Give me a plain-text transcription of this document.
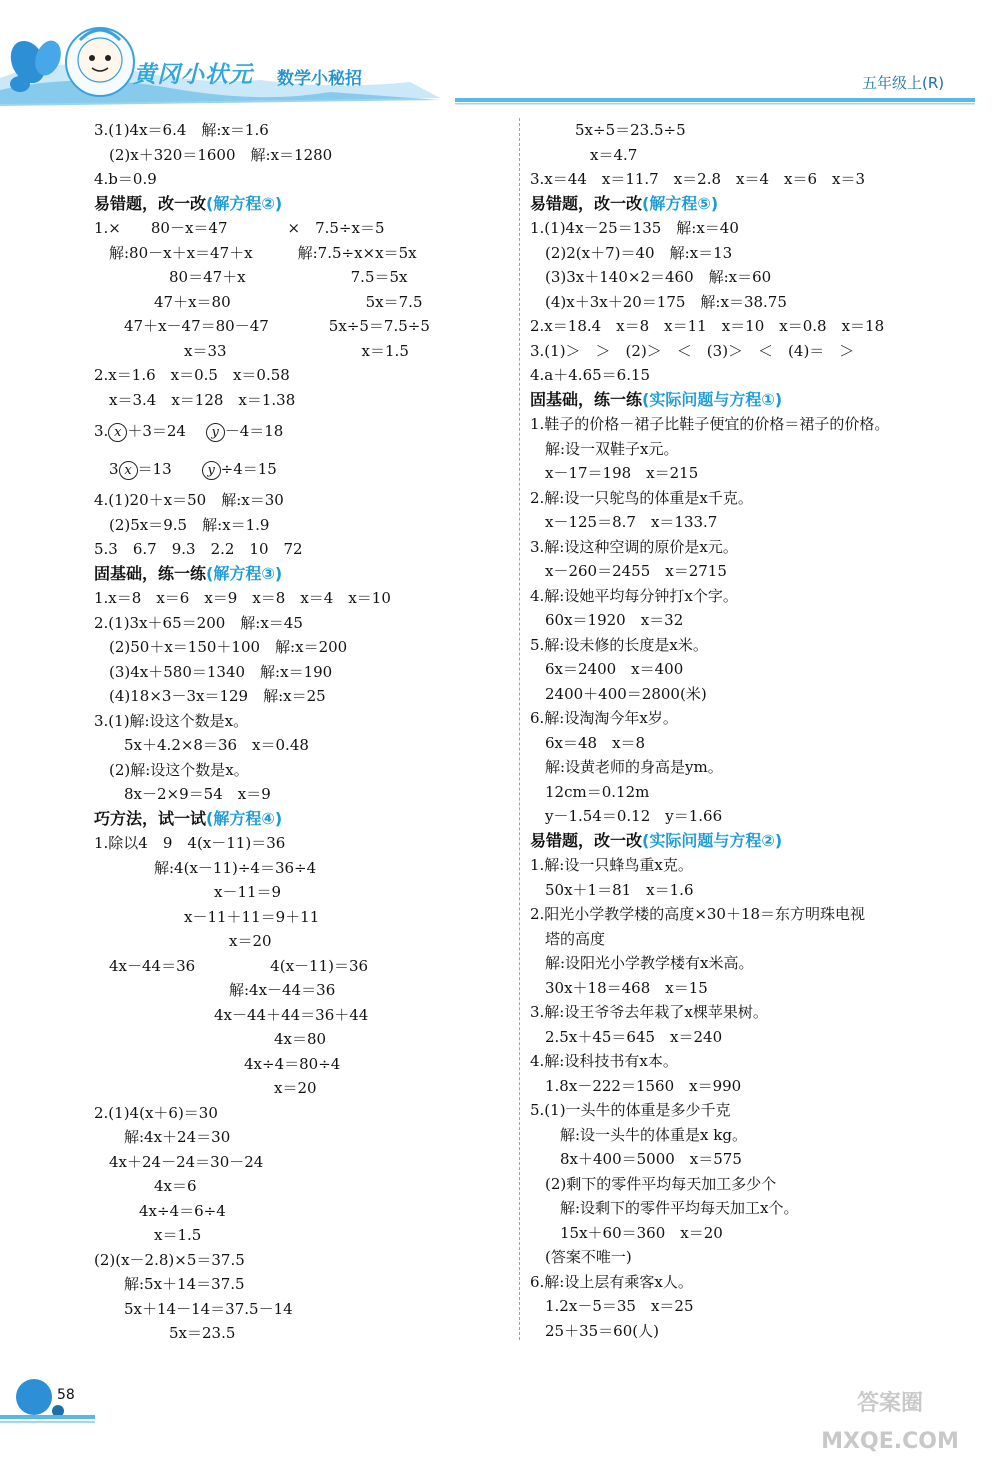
黄冈小状元 数学小秘招	五年级上(R)
3.(1)4x＝6.4　解:x＝1.6
　(2)x＋320＝1600　解:x＝1280
4.b＝0.9
易错题，改一改(解方程②)
1.×　　80－x＝47　　　　×　7.5÷x＝5
　解:80－x＋x＝47＋x　　　解:7.5÷x×x＝5x
　　　　　80＝47＋x　　　　　　　7.5＝5x
　　　　47＋x＝80　　　　　　　　　5x＝7.5
　　47＋x－47＝80－47　　　　5x÷5＝7.5÷5
　　　　　　x＝33　　　　　　　　　x＝1.5
2.x＝1.6　x＝0.5　x＝0.58
　x＝3.4　x＝128　x＝1.38
3. x ＋3＝24　 y －4＝18
　3 x ＝13　　y ÷4＝15
4.(1)20＋x＝50　解:x＝30
　(2)5x＝9.5　解:x＝1.9
5.3　6.7　9.3　2.2　10　72
固基础，练一练(解方程③)
1.x＝8　x＝6　x＝9　x＝8　x＝4　x＝10
2.(1)3x＋65＝200　解:x＝45
　(2)50＋x＝150＋100　解:x＝200
　(3)4x＋580＝1340　解:x＝190
　(4)18×3－3x＝129　解:x＝25
3.(1)解:设这个数是x。
　　5x＋4.2×8＝36　x＝0.48
　(2)解:设这个数是x。
　　8x－2×9＝54　x＝9
巧方法，试一试(解方程④)
1.除以4　9　4(x－11)＝36
　　　　解:4(x－11)÷4＝36÷4
　　　　　　　　x－11＝9
　　　　　　x－11＋11＝9＋11
　　　　　　　　　x＝20
　4x－44＝36　　　　　4(x－11)＝36
　　　　　　　　　解:4x－44＝36
　　　　　　　　4x－44＋44＝36＋44
　　　　　　　　　　　　4x＝80
　　　　　　　　　　4x÷4＝80÷4
　　　　　　　　　　　　x＝20
2.(1)4(x＋6)＝30
　　解:4x＋24＝30
　4x＋24－24＝30－24
　　　　4x＝6
　　　4x÷4＝6÷4
　　　　x＝1.5
(2)(x－2.8)×5＝37.5
　　解:5x＋14＝37.5
　　5x＋14－14＝37.5－14
　　　　　5x＝23.5
　　　5x÷5＝23.5÷5
　　　　x＝4.7
3.x＝44　x＝11.7　x＝2.8　x＝4　x＝6　x＝3
易错题，改一改(解方程⑤)
1.(1)4x－25＝135　解:x＝40
　(2)2(x＋7)＝40　解:x＝13
　(3)3x＋140×2＝460　解:x＝60
　(4)x＋3x＋20＝175　解:x＝38.75
2.x＝18.4　x＝8　x＝11　x＝10　x＝0.8　x＝18
3.(1)＞　＞　(2)＞　＜　(3)＞　＜　(4)＝　＞
4.a＋4.65＝6.15
固基础，练一练(实际问题与方程①)
1.鞋子的价格－裙子比鞋子便宜的价格＝裙子的价格。
　解:设一双鞋子x元。
　x－17＝198　x＝215
2.解:设一只鸵鸟的体重是x千克。
　x－125＝8.7　x＝133.7
3.解:设这种空调的原价是x元。
　x－260＝2455　x＝2715
4.解:设她平均每分钟打x个字。
　60x＝1920　x＝32
5.解:设未修的长度是x米。
　6x＝2400　x＝400
　2400＋400＝2800(米)
6.解:设淘淘今年x岁。
　6x＝48　x＝8
　解:设黄老师的身高是ym。
　12cm＝0.12m
　y－1.54＝0.12　y＝1.66
易错题，改一改(实际问题与方程②)
1.解:设一只蜂鸟重x克。
　50x＋1＝81　x＝1.6
2.阳光小学教学楼的高度×30＋18＝东方明珠电视
　塔的高度
　解:设阳光小学教学楼有x米高。
　30x＋18＝468　x＝15
3.解:设王爷爷去年栽了x棵苹果树。
　2.5x＋45＝645　x＝240
4.解:设科技书有x本。
　1.8x－222＝1560　x＝990
5.(1)一头牛的体重是多少千克
　　解:设一头牛的体重是x kg。
　　8x＋400＝5000　x＝575
　(2)剩下的零件平均每天加工多少个
　　解:设剩下的零件平均每天加工x个。
　　15x＋60＝360　x＝20
　(答案不唯一)
6.解:设上层有乘客x人。
　1.2x－5＝35　x＝25
　25＋35＝60(人)
58	答案圈 MXQE.COM
